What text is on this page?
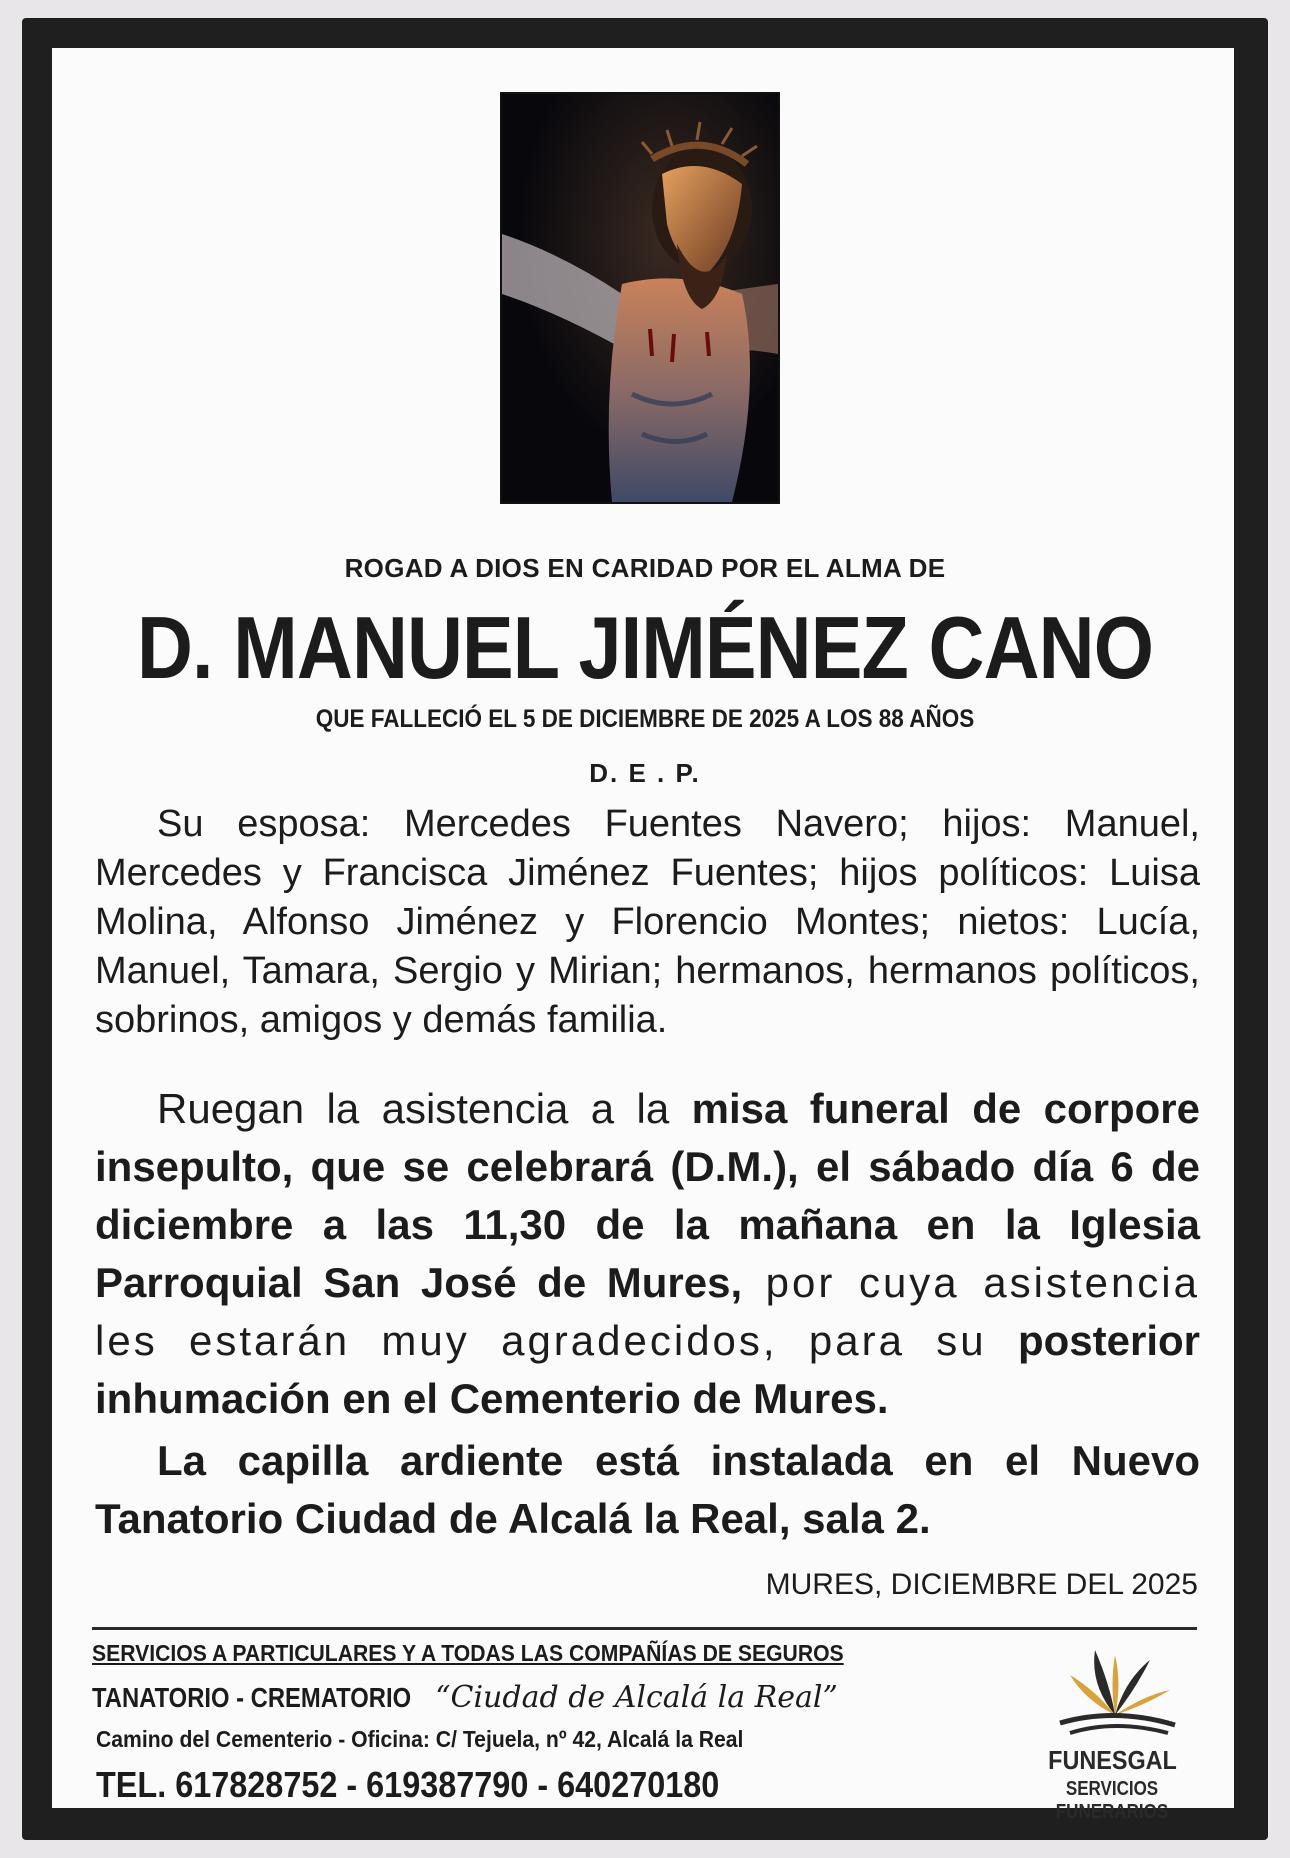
ROGAD A DIOS EN CARIDAD POR EL ALMA DE
D. MANUEL JIMÉNEZ CANO
QUE FALLECIÓ EL 5 DE DICIEMBRE DE 2025 A LOS 88 AÑOS
D. E . P.
Su esposa: Mercedes Fuentes Navero; hijos: Manuel, Mercedes y Francisca Jiménez Fuentes; hijos políticos: Luisa Molina, Alfonso Jiménez y Florencio Montes; nietos: Lucía, Manuel, Tamara, Sergio y Mirian; hermanos, hermanos políticos, sobrinos, amigos y demás familia.
Ruegan la asistencia a la misa funeral de corpore insepulto, que se celebrará (D.M.), el sábado día 6 de diciembre a las 11,30 de la mañana en la Iglesia Parroquial San José de Mures, por cuya asistencia les estarán muy agradecidos, para su posterior inhumación en el Cementerio de Mures.
La capilla ardiente está instalada en el Nuevo Tanatorio Ciudad de Alcalá la Real, sala 2.
MURES, DICIEMBRE DEL 2025
SERVICIOS A PARTICULARES Y A TODAS LAS COMPAÑÍAS DE SEGUROS
TANATORIO - CREMATORIO “Ciudad de Alcalá la Real”
Camino del Cementerio - Oficina: C/ Tejuela, nº 42, Alcalá la Real
TEL. 617828752 - 619387790 - 640270180
FUNESGAL
SERVICIOS FUNERARIOS
